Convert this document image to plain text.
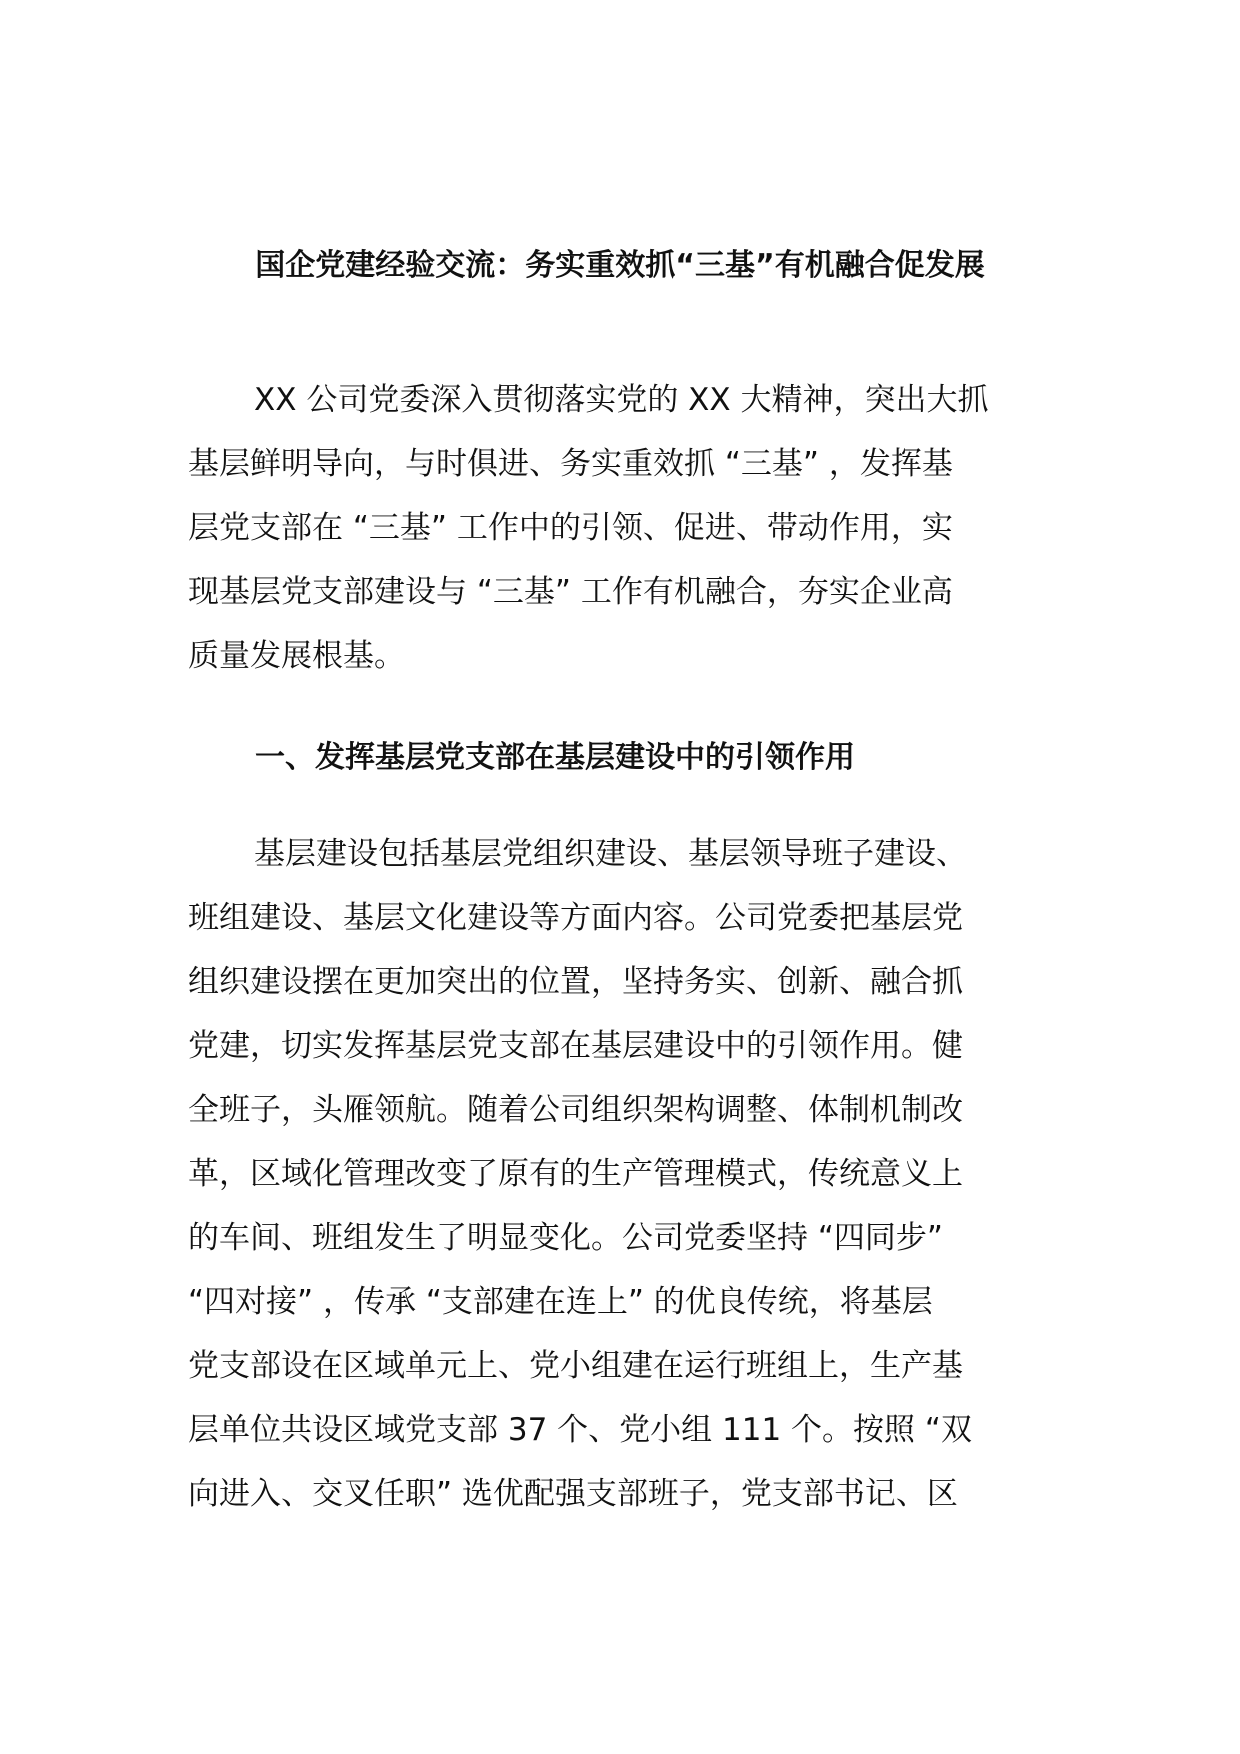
国企党建经验交流：务实重效抓“三基”有机融合促发展
XX 公司党委深入贯彻落实党的 XX 大精神，突出大抓
基层鲜明导向，与时俱进、务实重效抓 “三基” ，发挥基
层党支部在 “三基” 工作中的引领、促进、带动作用，实
现基层党支部建设与 “三基” 工作有机融合，夯实企业高
质量发展根基。
一、发挥基层党支部在基层建设中的引领作用
基层建设包括基层党组织建设、基层领导班子建设、
班组建设、基层文化建设等方面内容。公司党委把基层党
组织建设摆在更加突出的位置，坚持务实、创新、融合抓
党建，切实发挥基层党支部在基层建设中的引领作用。健
全班子，头雁领航。随着公司组织架构调整、体制机制改
革，区域化管理改变了原有的生产管理模式，传统意义上
的车间、班组发生了明显变化。公司党委坚持 “四同步”
“四对接” ，传承 “支部建在连上” 的优良传统，将基层
党支部设在区域单元上、党小组建在运行班组上，生产基
层单位共设区域党支部 37 个、党小组 111 个。按照 “双
向进入、交叉任职” 选优配强支部班子，党支部书记、区
